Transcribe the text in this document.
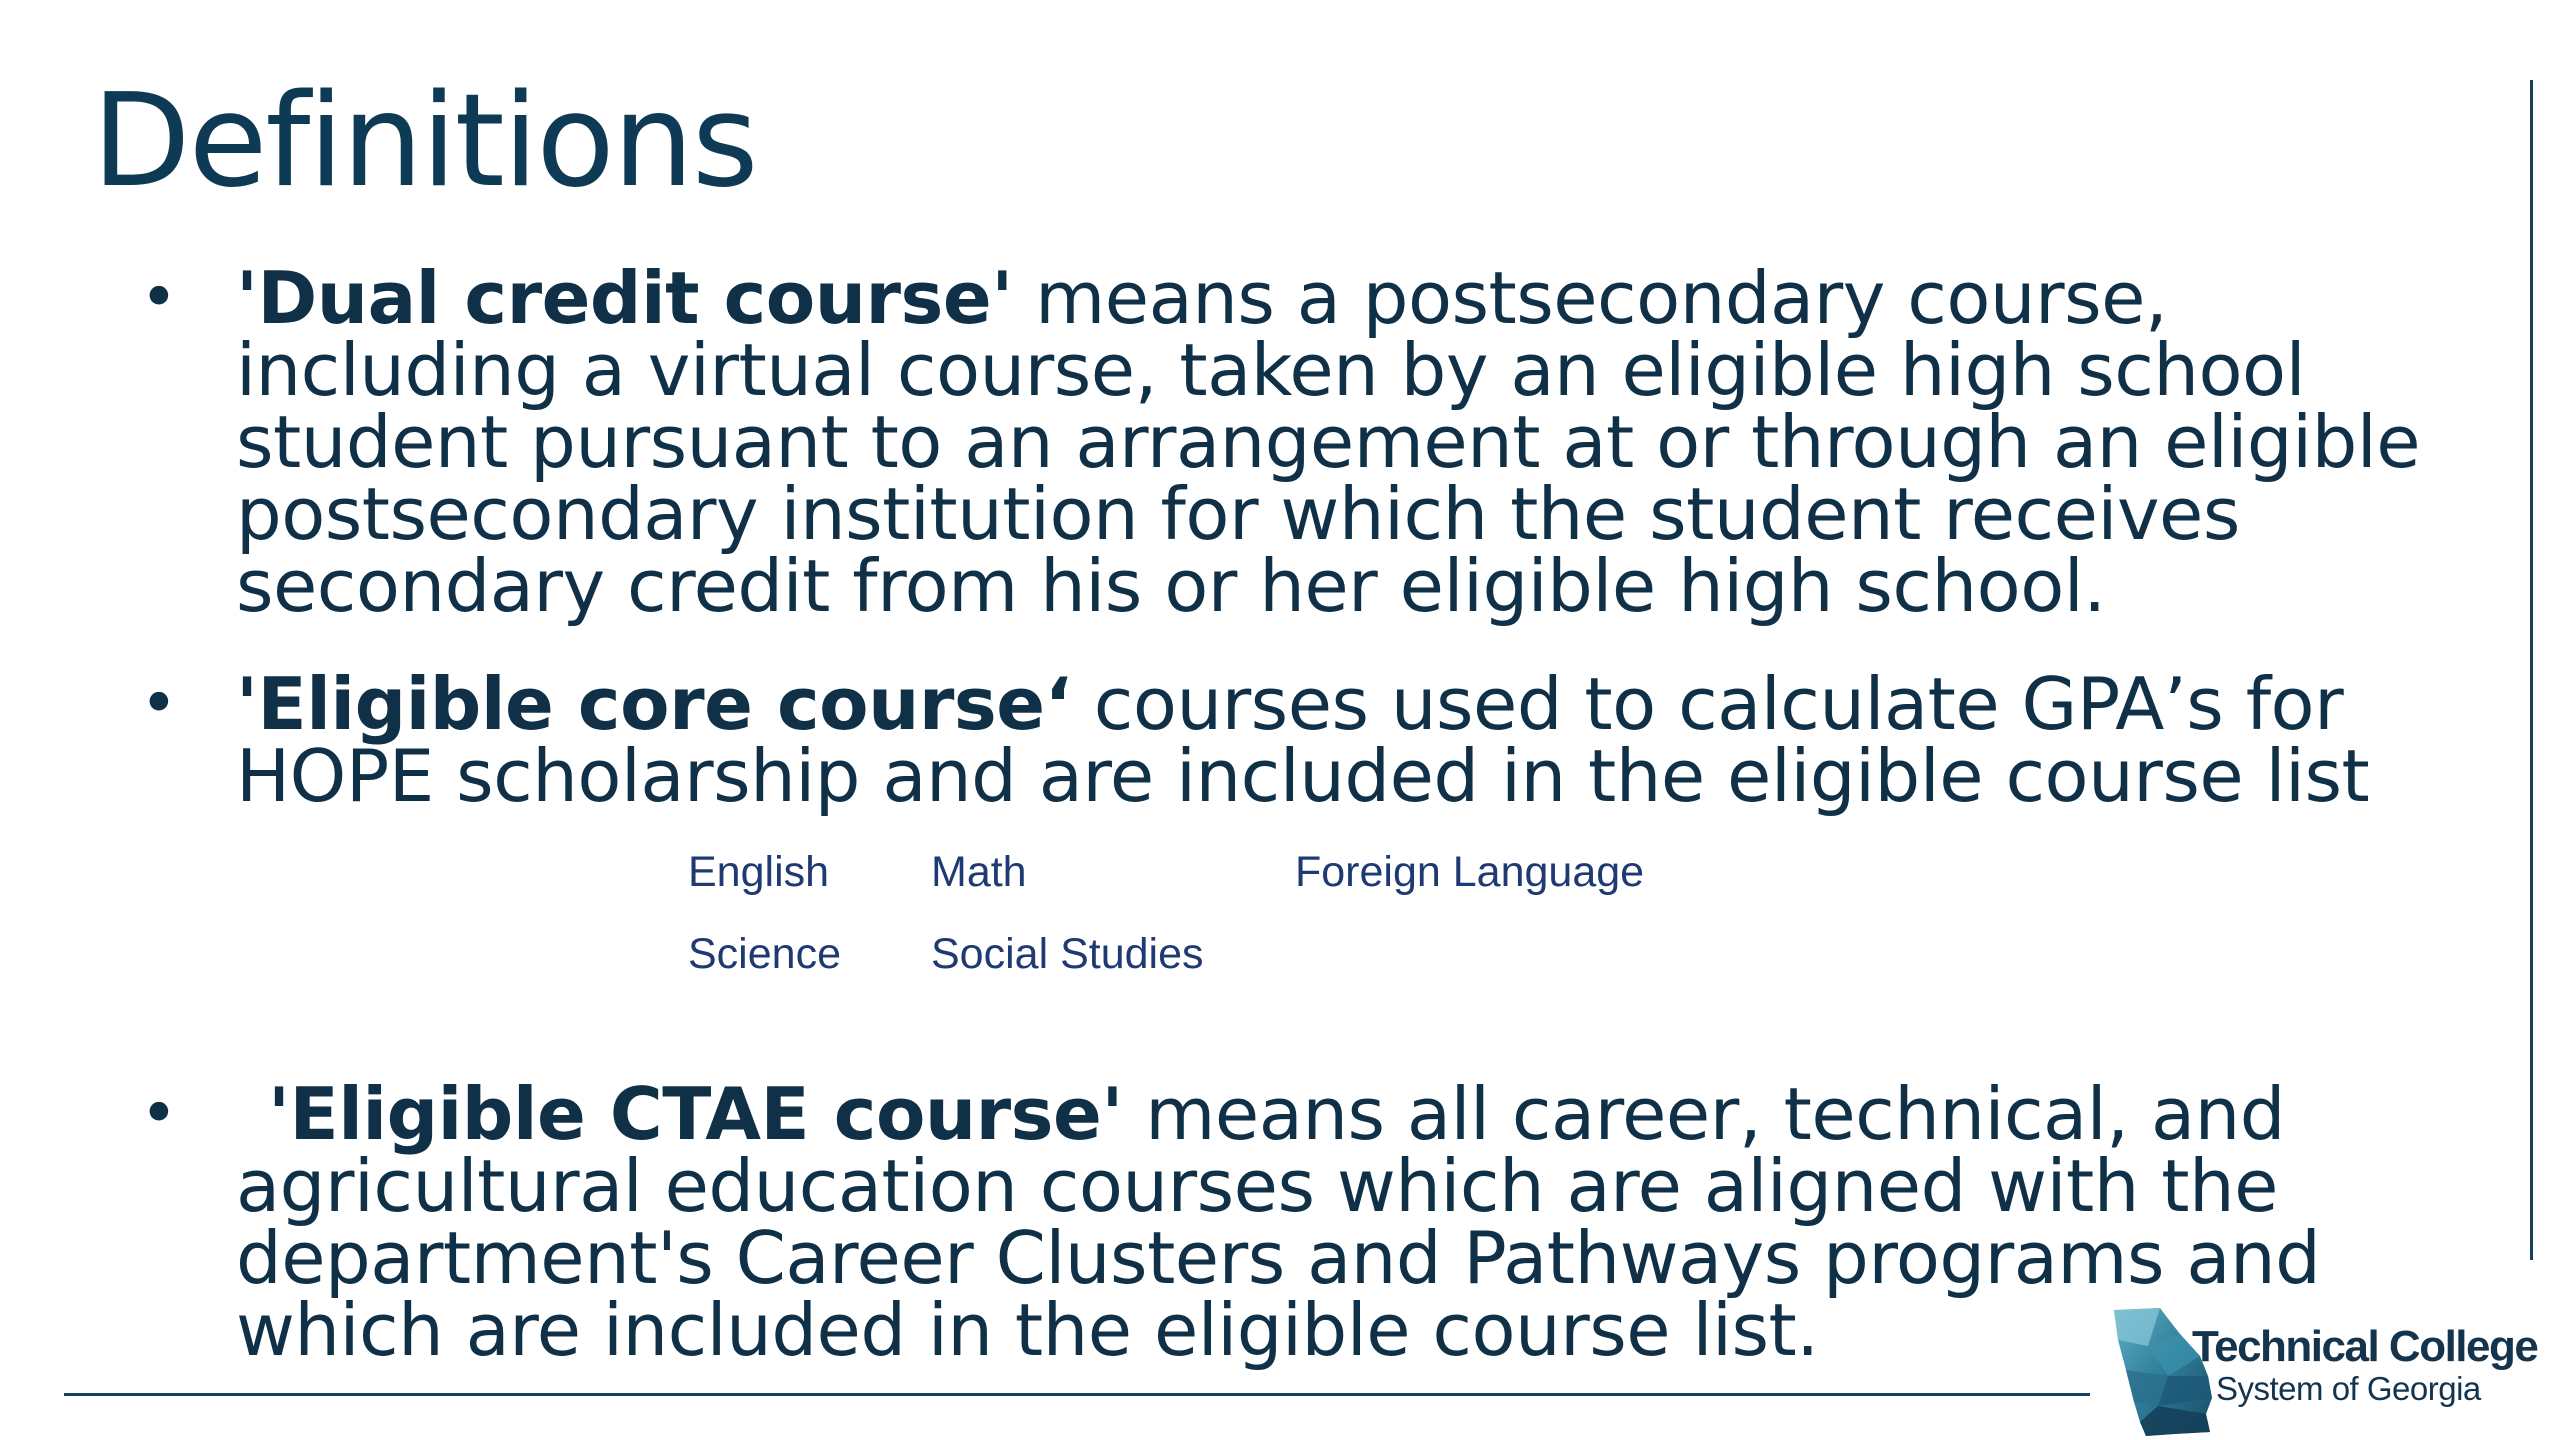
Definitions
• 'Dual credit course' means a postsecondary course, including a virtual course, taken by an eligible high school student pursuant to an arrangement at or through an eligible postsecondary institution for which the student receives secondary credit from his or her eligible high school.
• 'Eligible core course‘ courses used to calculate GPA’s for HOPE scholarship and are included in the eligible course list
English Math	Foreign Language
Science Social Studies
• 'Eligible CTAE course' means all career, technical, and agricultural education courses which are aligned with the department's Career Clusters and Pathways programs and which are included in the eligible course list.	Technical College
System of Georgia
